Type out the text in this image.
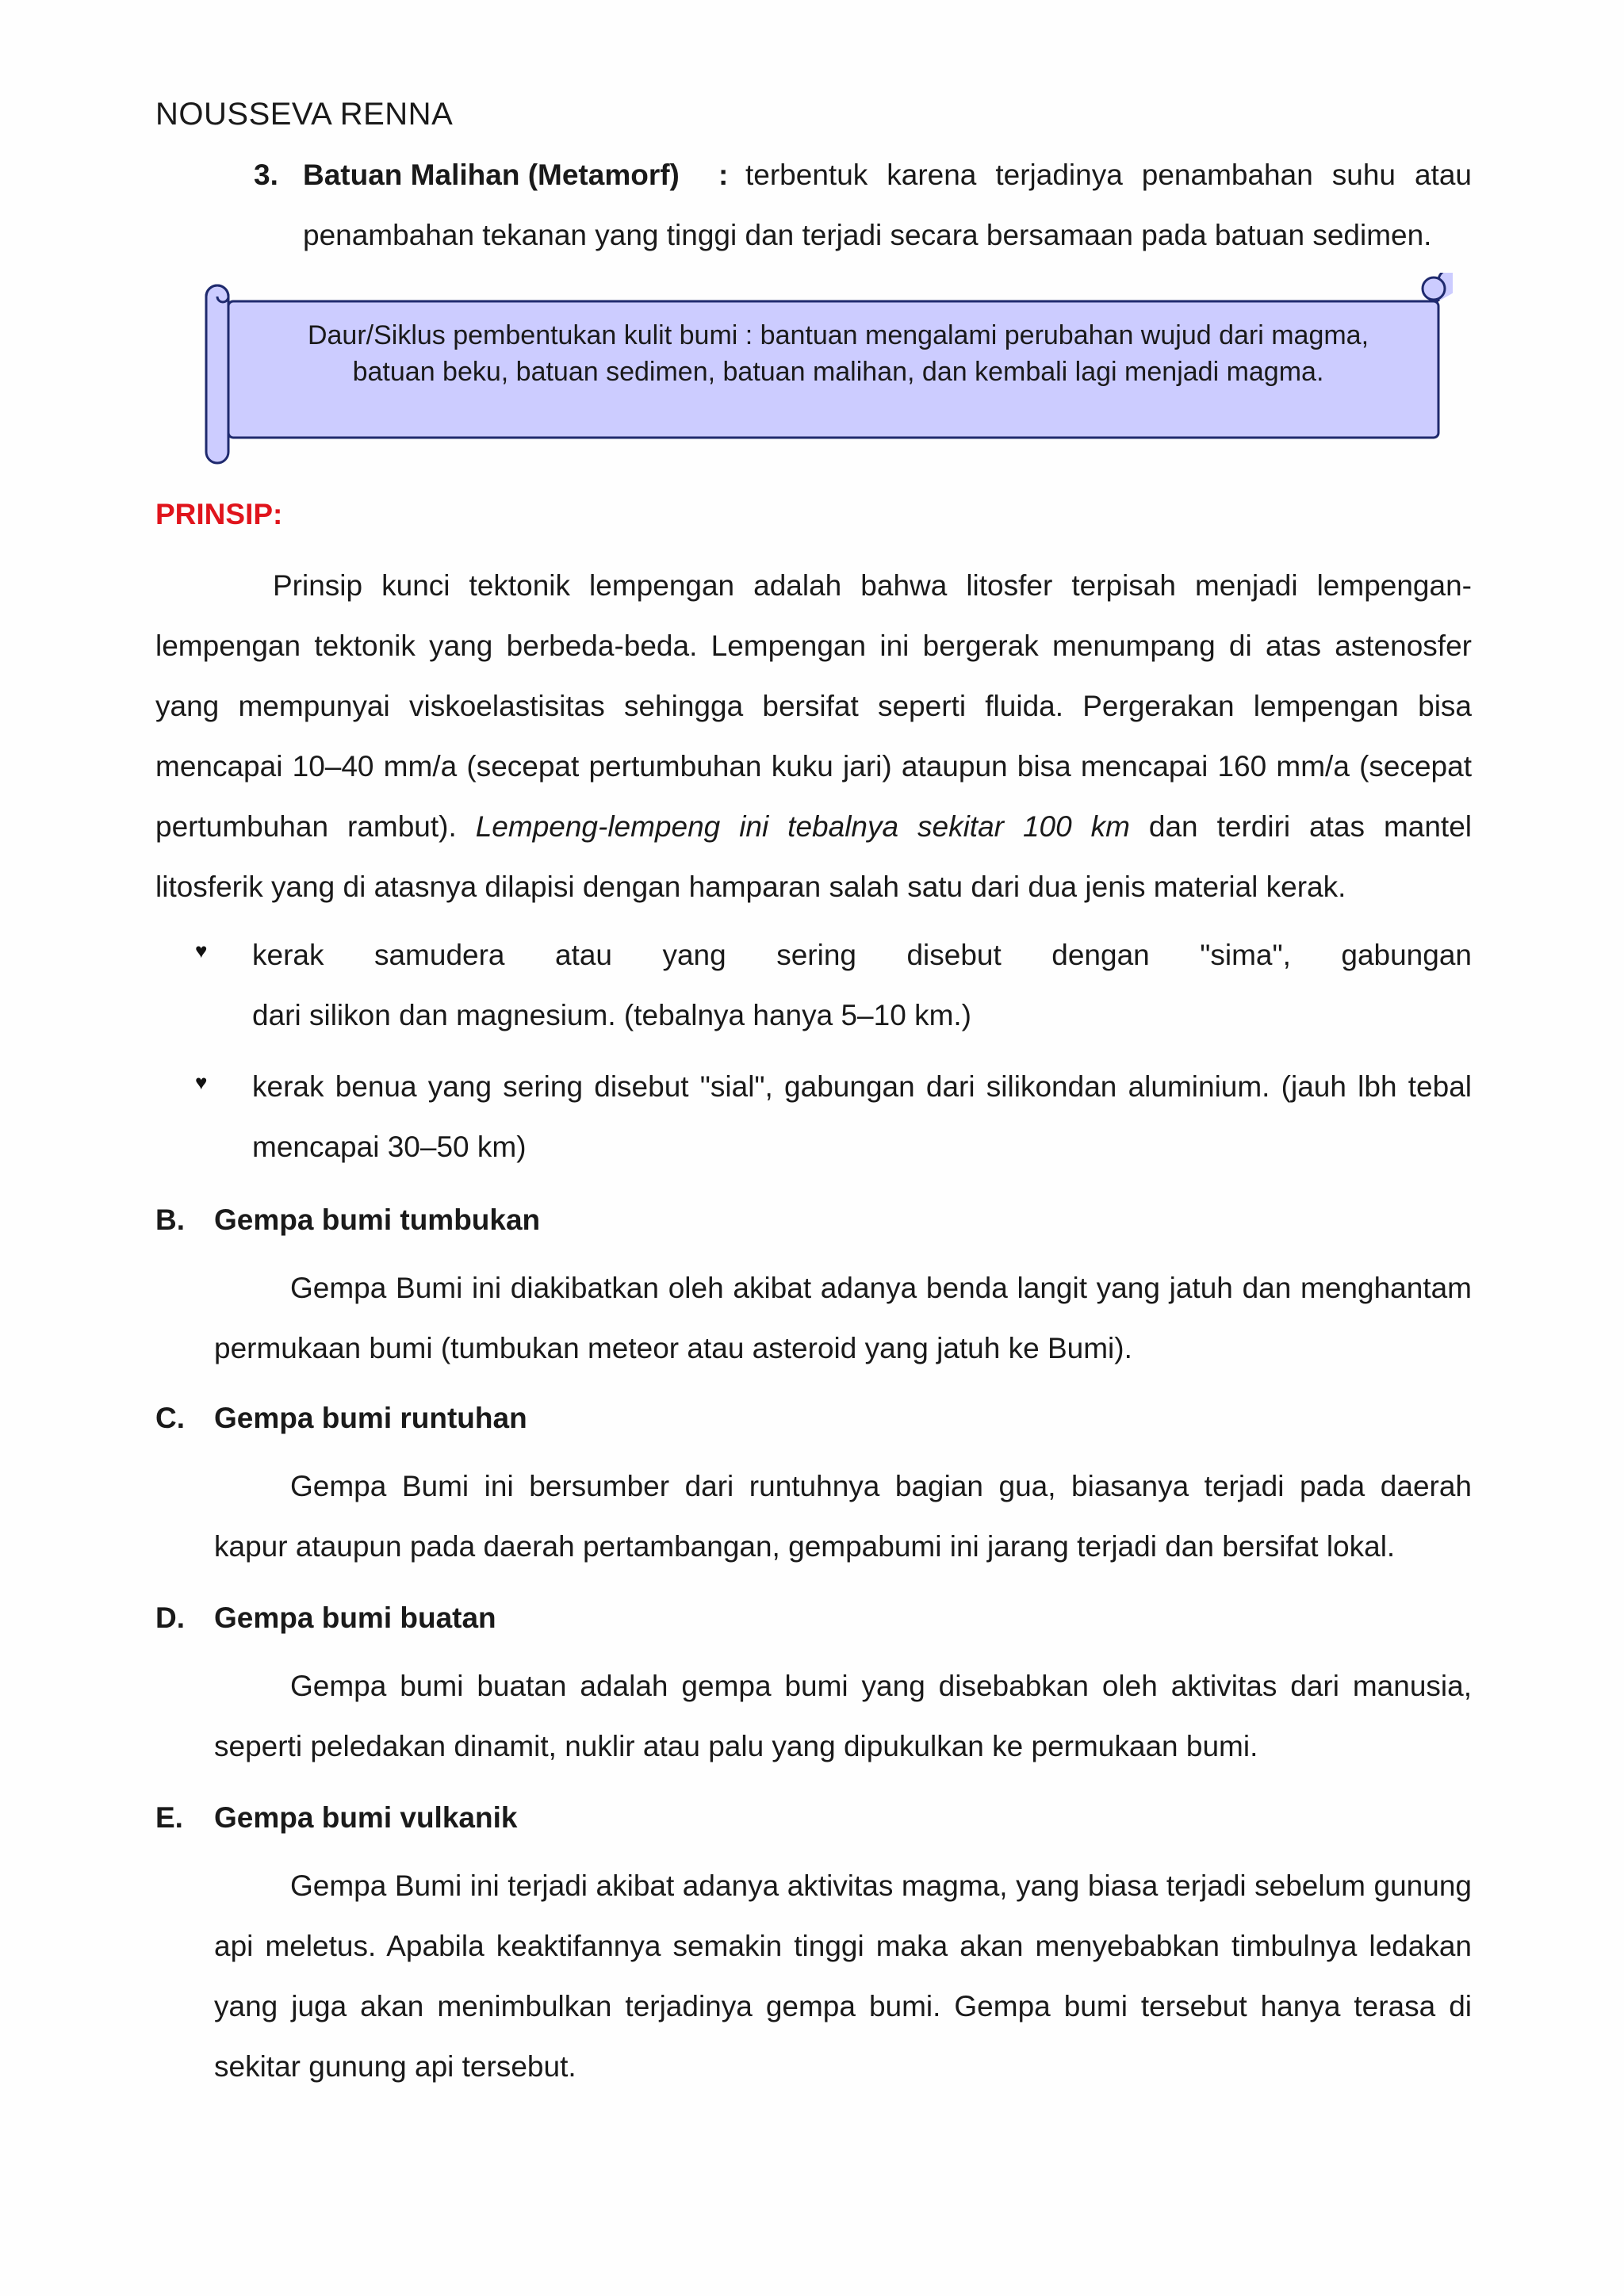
NOUSSEVA RENNA
3. Batuan Malihan (Metamorf) : terbentuk karena terjadinya penambahan suhu atau
penambahan tekanan yang tinggi dan terjadi secara bersamaan pada batuan sedimen.
Daur/Siklus pembentukan kulit bumi : bantuan mengalami perubahan wujud dari magma,
batuan beku, batuan sedimen, batuan malihan, dan kembali lagi menjadi magma.
PRINSIP:
Prinsip kunci tektonik lempengan adalah bahwa litosfer terpisah menjadi lempengan-
lempengan tektonik yang berbeda-beda. Lempengan ini bergerak menumpang di atas astenosfer
yang mempunyai viskoelastisitas sehingga bersifat seperti fluida. Pergerakan lempengan bisa
mencapai 10–40 mm/a (secepat pertumbuhan kuku jari) ataupun bisa mencapai 160 mm/a (secepat
pertumbuhan rambut). Lempeng-lempeng ini tebalnya sekitar 100 km dan terdiri atas mantel
litosferik yang di atasnya dilapisi dengan hamparan salah satu dari dua jenis material kerak.
♥ kerak samudera atau yang sering disebut dengan "sima", gabungan
dari silikon dan magnesium. (tebalnya hanya 5–10 km.)
♥ kerak benua yang sering disebut "sial", gabungan dari silikondan aluminium. (jauh lbh tebal
mencapai 30–50 km)
B. Gempa bumi tumbukan
Gempa Bumi ini diakibatkan oleh akibat adanya benda langit yang jatuh dan menghantam
permukaan bumi (tumbukan meteor atau asteroid yang jatuh ke Bumi).
C. Gempa bumi runtuhan
Gempa Bumi ini bersumber dari runtuhnya bagian gua, biasanya terjadi pada daerah
kapur ataupun pada daerah pertambangan, gempabumi ini jarang terjadi dan bersifat lokal.
D. Gempa bumi buatan
Gempa bumi buatan adalah gempa bumi yang disebabkan oleh aktivitas dari manusia,
seperti peledakan dinamit, nuklir atau palu yang dipukulkan ke permukaan bumi.
E. Gempa bumi vulkanik
Gempa Bumi ini terjadi akibat adanya aktivitas magma, yang biasa terjadi sebelum gunung
api meletus. Apabila keaktifannya semakin tinggi maka akan menyebabkan timbulnya ledakan
yang juga akan menimbulkan terjadinya gempa bumi. Gempa bumi tersebut hanya terasa di
sekitar gunung api tersebut.
